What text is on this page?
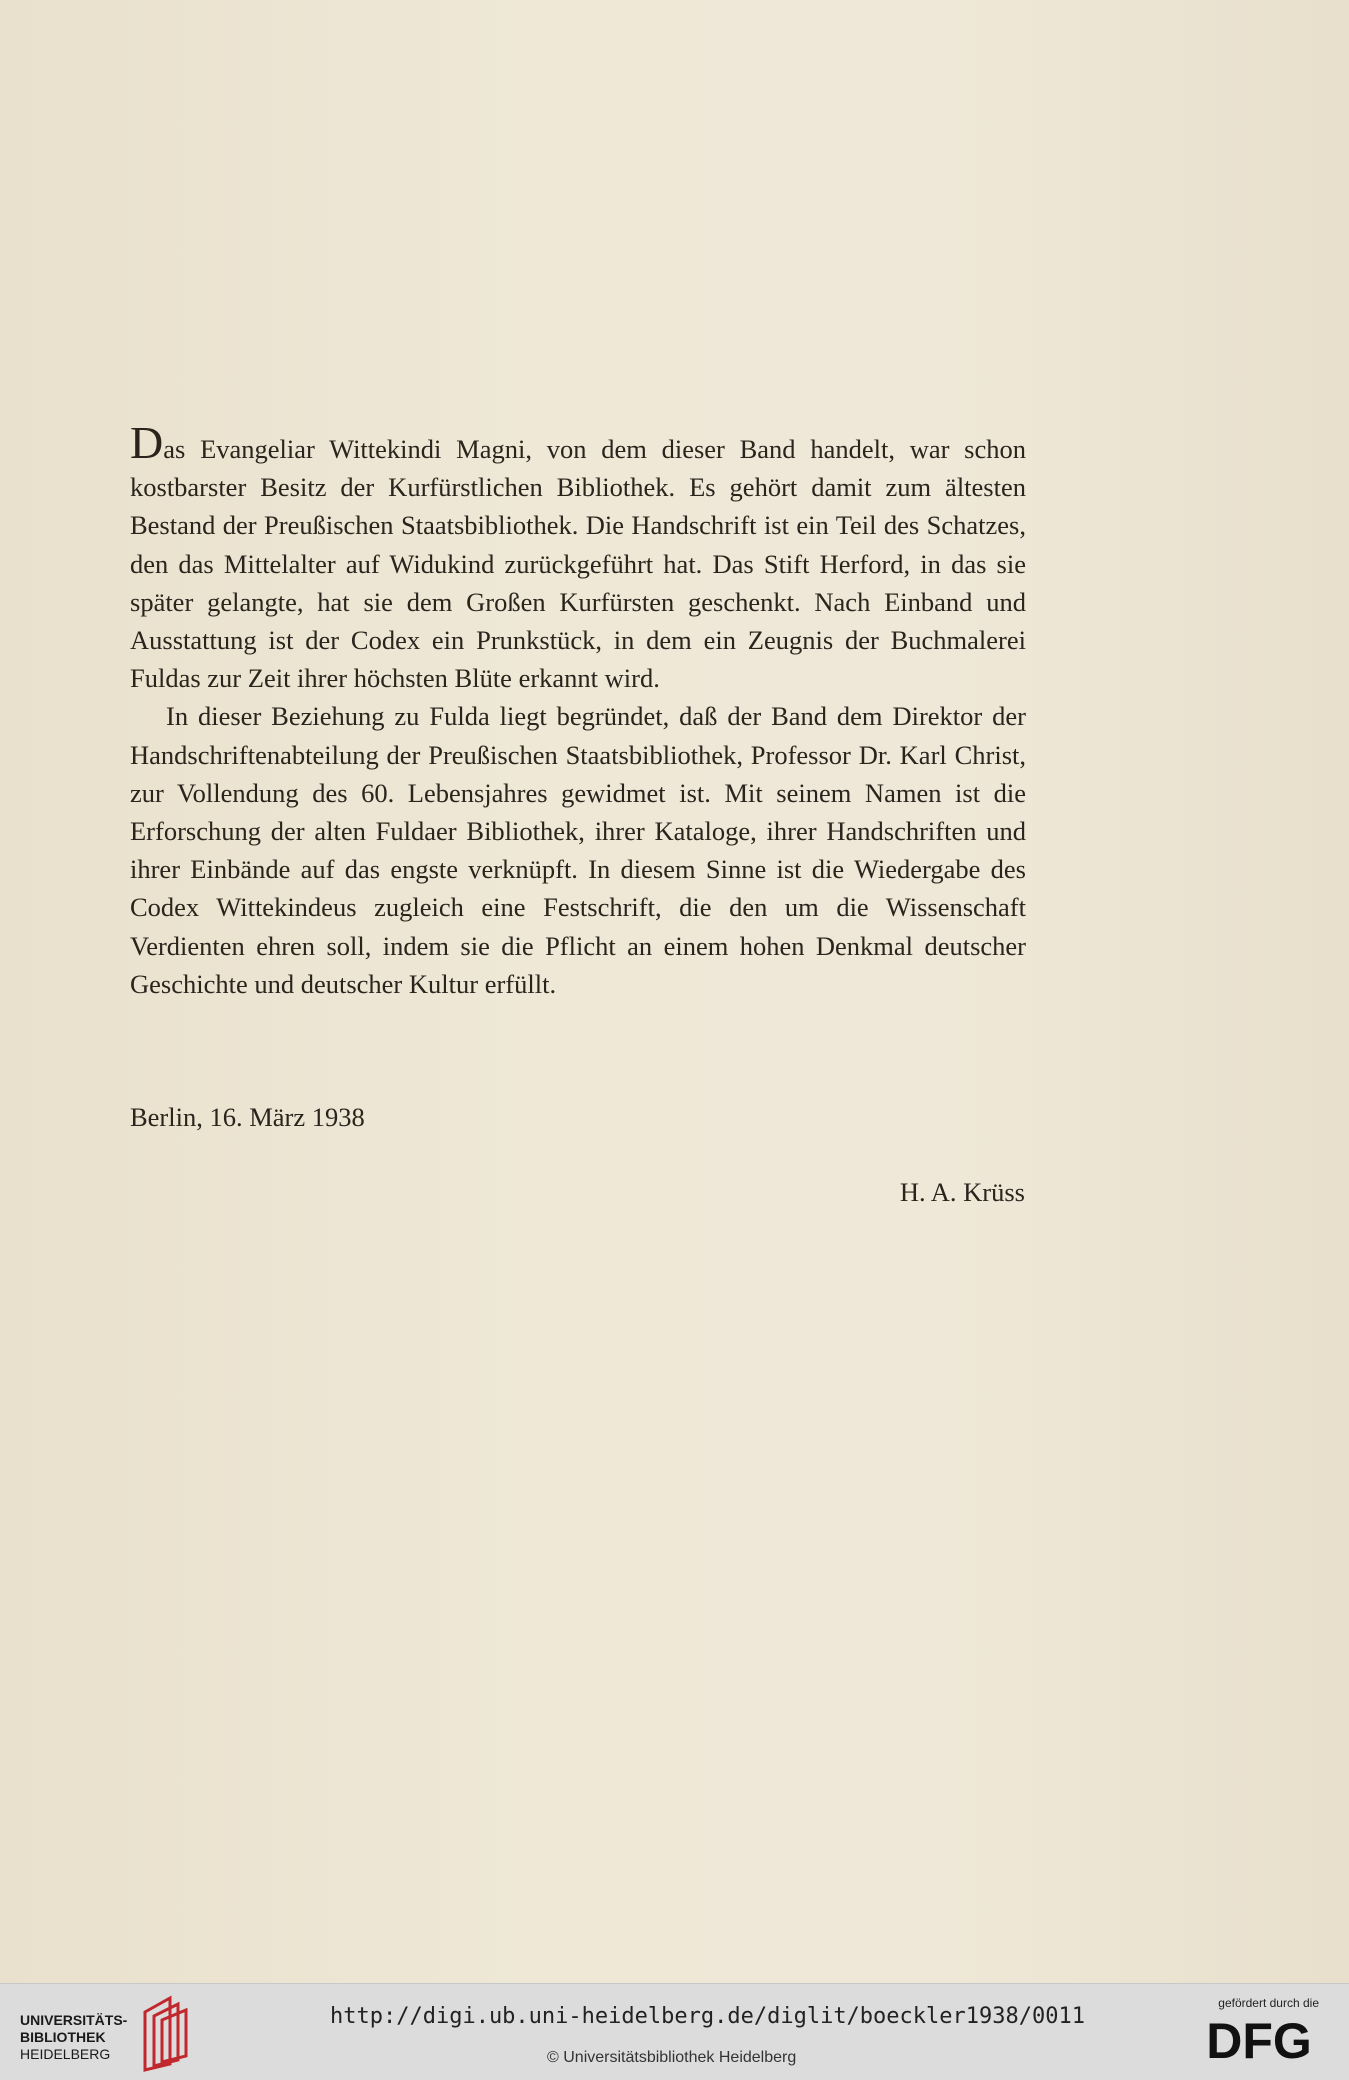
Das Evangeliar Wittekindi Magni, von dem dieser Band handelt, war schon kostbarster Besitz der Kurfürstlichen Bibliothek. Es gehört damit zum ältesten Bestand der Preußischen Staatsbibliothek. Die Handschrift ist ein Teil des Schatzes, den das Mittelalter auf Widukind zurückgeführt hat. Das Stift Herford, in das sie später gelangte, hat sie dem Großen Kurfürsten geschenkt. Nach Einband und Ausstattung ist der Codex ein Prunkstück, in dem ein Zeugnis der Buchmalerei Fuldas zur Zeit ihrer höchsten Blüte erkannt wird.

In dieser Beziehung zu Fulda liegt begründet, daß der Band dem Direktor der Handschriftenabteilung der Preußischen Staatsbibliothek, Professor Dr. Karl Christ, zur Vollendung des 60. Lebensjahres gewidmet ist. Mit seinem Namen ist die Erforschung der alten Fuldaer Bibliothek, ihrer Kataloge, ihrer Handschriften und ihrer Einbände auf das engste verknüpft. In diesem Sinne ist die Wiedergabe des Codex Wittekindeus zugleich eine Festschrift, die den um die Wissenschaft Verdienten ehren soll, indem sie die Pflicht an einem hohen Denkmal deutscher Geschichte und deutscher Kultur erfüllt.

Berlin, 16. März 1938
H. A. Krüss
UNIVERSITÄTS-
BIBLIOTHEK
HEIDELBERG
http://digi.ub.uni-heidelberg.de/diglit/boeckler1938/0011
© Universitätsbibliothek Heidelberg
gefördert durch die
DFG
